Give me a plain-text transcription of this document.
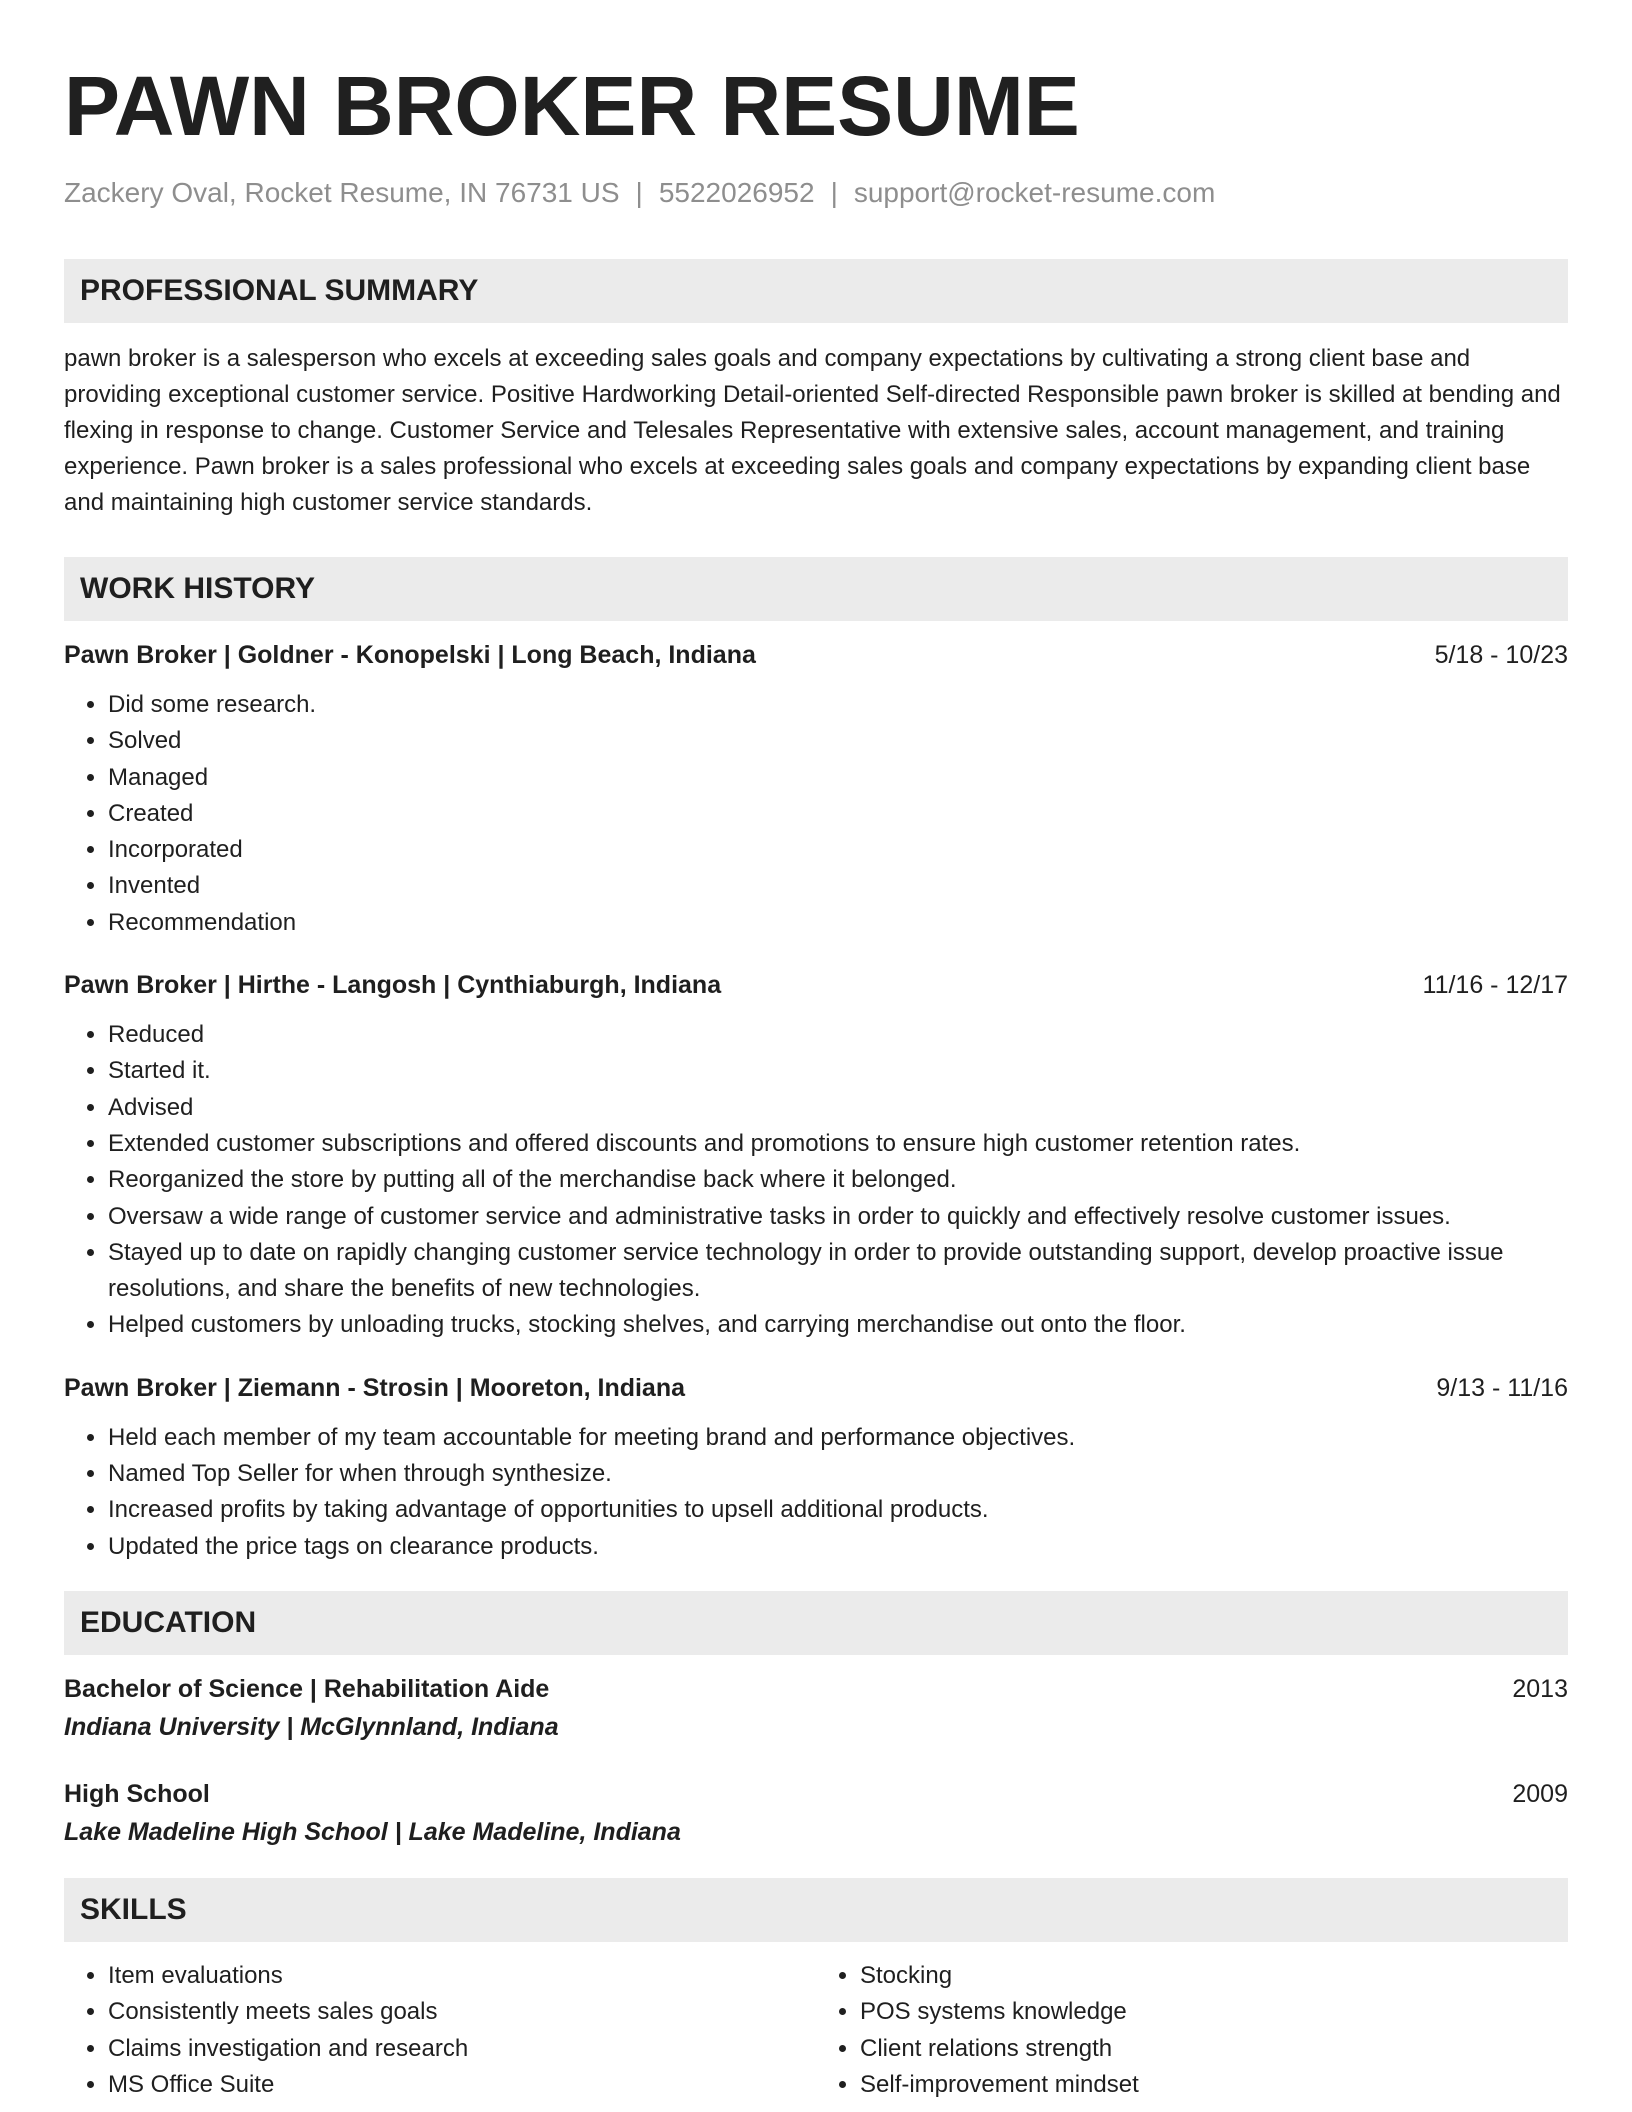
PAWN BROKER RESUME
Zackery Oval, Rocket Resume, IN 76731 US | 5522026952 | support@rocket-resume.com
PROFESSIONAL SUMMARY

pawn broker is a salesperson who excels at exceeding sales goals and company expectations by cultivating a strong client base and providing exceptional customer service. Positive Hardworking Detail-oriented Self-directed Responsible pawn broker is skilled at bending and flexing in response to change. Customer Service and Telesales Representative with extensive sales, account management, and training experience. Pawn broker is a sales professional who excels at exceeding sales goals and company expectations by expanding client base and maintaining high customer service standards.

WORK HISTORY
Pawn Broker | Goldner - Konopelski | Long Beach, Indiana	5/18 - 10/23
• Did some research.
• Solved
• Managed
• Created
• Incorporated
• Invented
• Recommendation
Pawn Broker | Hirthe - Langosh | Cynthiaburgh, Indiana	11/16 - 12/17
• Reduced
• Started it.
• Advised
• Extended customer subscriptions and offered discounts and promotions to ensure high customer retention rates.
• Reorganized the store by putting all of the merchandise back where it belonged.
• Oversaw a wide range of customer service and administrative tasks in order to quickly and effectively resolve customer issues.
• Stayed up to date on rapidly changing customer service technology in order to provide outstanding support, develop proactive issue resolutions, and share the benefits of new technologies.
• Helped customers by unloading trucks, stocking shelves, and carrying merchandise out onto the floor.
Pawn Broker | Ziemann - Strosin | Mooreton, Indiana	9/13 - 11/16
• Held each member of my team accountable for meeting brand and performance objectives.
• Named Top Seller for when through synthesize.
• Increased profits by taking advantage of opportunities to upsell additional products.
• Updated the price tags on clearance products.
EDUCATION
Bachelor of Science | Rehabilitation Aide	2013
Indiana University | McGlynnland, Indiana
High School	2009
Lake Madeline High School | Lake Madeline, Indiana
SKILLS
• Item evaluations
• Consistently meets sales goals
• Claims investigation and research
• MS Office Suite
• Stocking
• POS systems knowledge
• Client relations strength
• Self-improvement mindset
